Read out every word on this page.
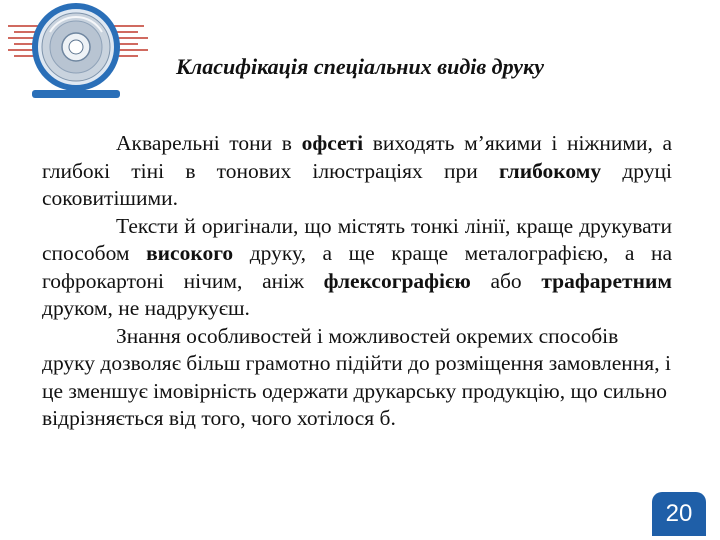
Класифікація спеціальних видів друку

Акварельні тони в офсеті виходять м’якими і ніжними, а глибокі тіні в тонових ілюстраціях при глибокому друці соковитішими.

Тексти й оригінали, що містять тонкі лінії, краще друкувати способом високого друку, а ще краще металографією, а на гофрокартоні нічим, аніж флексографією або трафаретним друком, не надрукуєш.

Знання особливостей і можливостей окремих способів друку дозволяє більш грамотно підійти до розміщення замовлення, і це зменшує імовірність одержати друкарську продукцію, що сильно відрізняється від того, чого хотілося б.

20
